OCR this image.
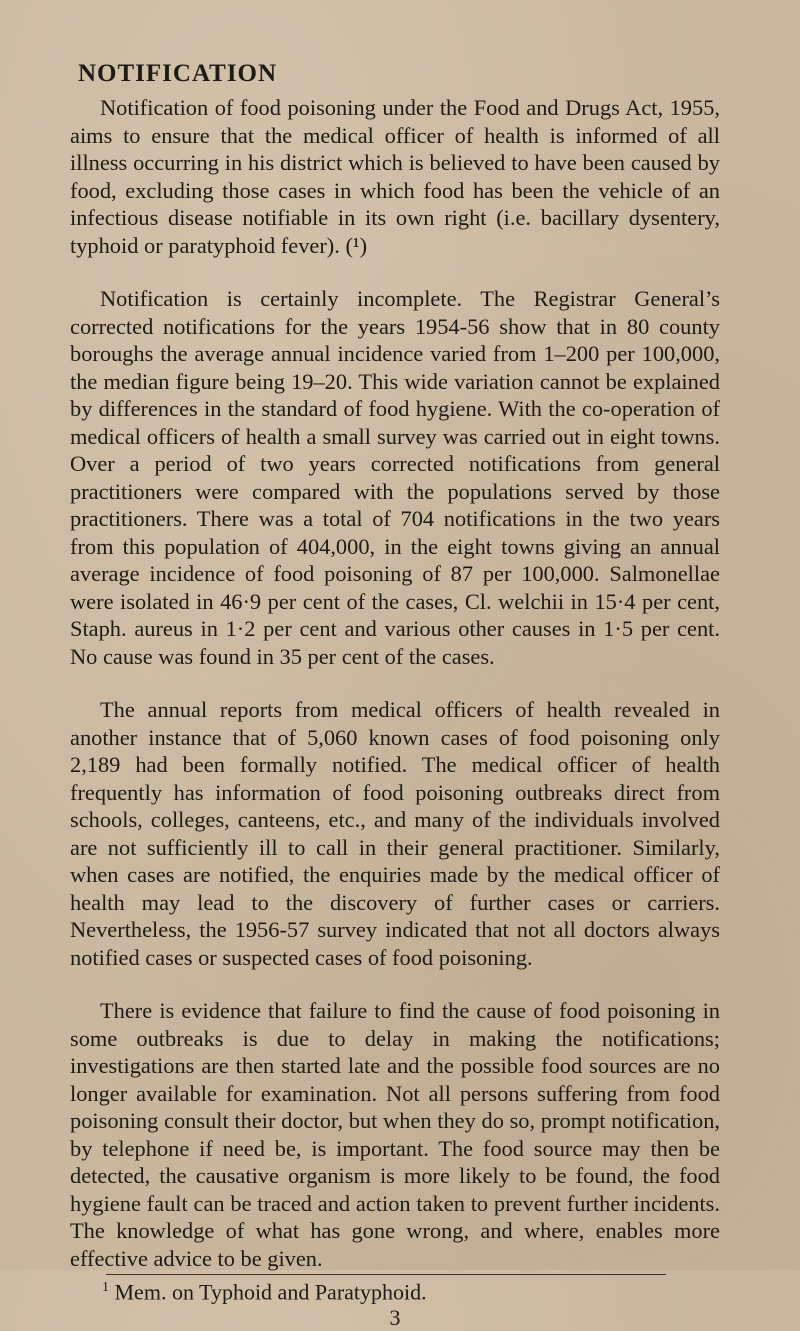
NOTIFICATION

Notification of food poisoning under the Food and Drugs Act, 1955, aims to ensure that the medical officer of health is informed of all illness occurring in his district which is believed to have been caused by food, excluding those cases in which food has been the vehicle of an infectious disease notifiable in its own right (i.e. bacillary dysentery, typhoid or paratyphoid fever). (¹)

Notification is certainly incomplete. The Registrar General’s corrected notifications for the years 1954-56 show that in 80 county boroughs the average annual incidence varied from 1–200 per 100,000, the median figure being 19–20. This wide variation cannot be explained by differences in the standard of food hygiene. With the co-operation of medical officers of health a small survey was carried out in eight towns. Over a period of two years corrected notifications from general practitioners were compared with the populations served by those practitioners. There was a total of 704 notifications in the two years from this population of 404,000, in the eight towns giving an annual average incidence of food poisoning of 87 per 100,000. Salmonellae were isolated in 46·9 per cent of the cases, Cl. welchii in 15·4 per cent, Staph. aureus in 1·2 per cent and various other causes in 1·5 per cent. No cause was found in 35 per cent of the cases.

The annual reports from medical officers of health revealed in another instance that of 5,060 known cases of food poisoning only 2,189 had been formally notified. The medical officer of health frequently has information of food poisoning outbreaks direct from schools, colleges, canteens, etc., and many of the individuals involved are not sufficiently ill to call in their general practitioner. Similarly, when cases are notified, the enquiries made by the medical officer of health may lead to the discovery of further cases or carriers. Nevertheless, the 1956-57 survey indicated that not all doctors always notified cases or suspected cases of food poisoning.

There is evidence that failure to find the cause of food poisoning in some outbreaks is due to delay in making the notifications; investigations are then started late and the possible food sources are no longer available for examination. Not all persons suffering from food poisoning consult their doctor, but when they do so, prompt notification, by telephone if need be, is important. The food source may then be detected, the causative organism is more likely to be found, the food hygiene fault can be traced and action taken to prevent further incidents. The knowledge of what has gone wrong, and where, enables more effective advice to be given.

$^1$ Mem. on Typhoid and Paratyphoid.
3
